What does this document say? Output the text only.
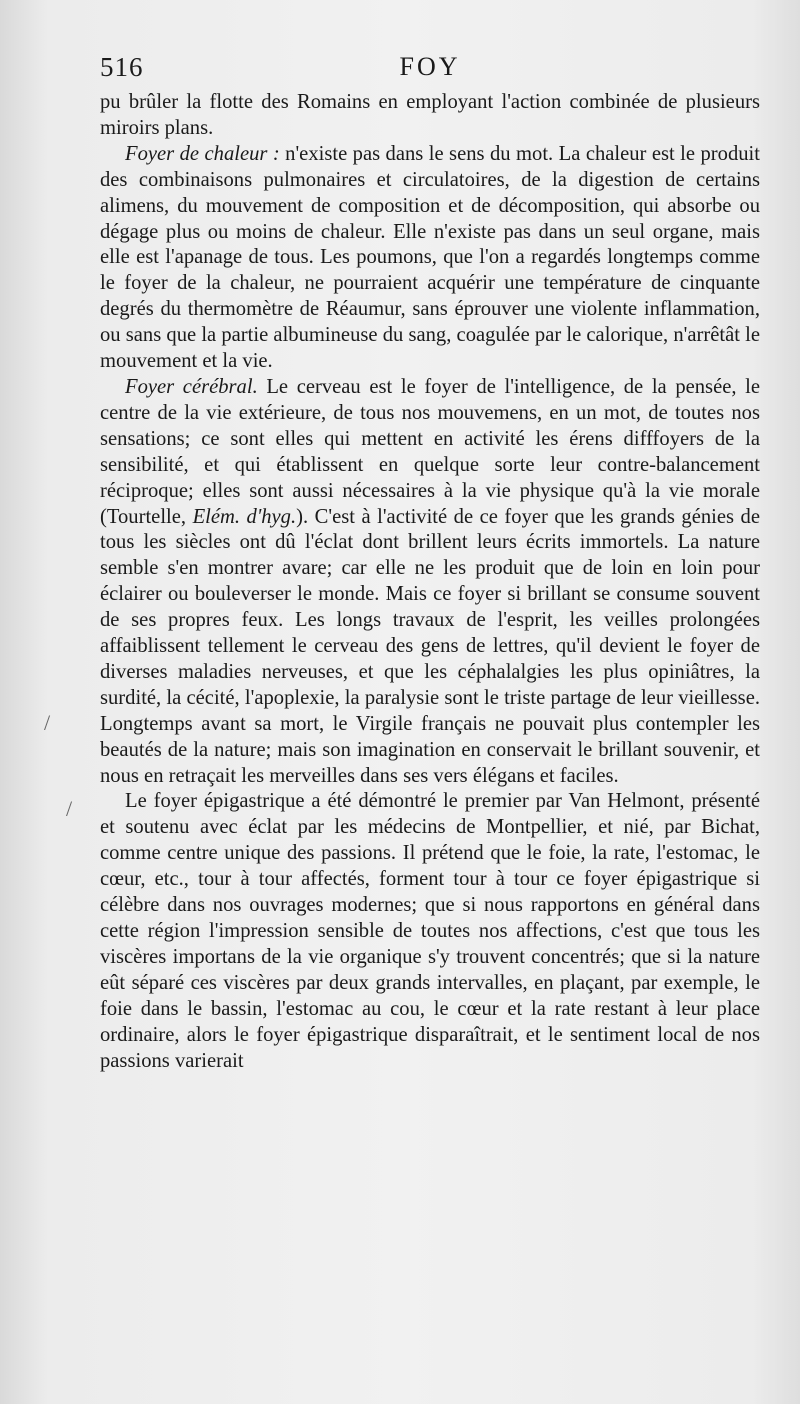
516	FOY

pu brûler la flotte des Romains en employant l'action combinée de plusieurs miroirs plans.

Foyer de chaleur : n'existe pas dans le sens du mot. La chaleur est le produit des combinaisons pulmonaires et circulatoires, de la digestion de certains alimens, du mouvement de composition et de décomposition, qui absorbe ou dégage plus ou moins de chaleur. Elle n'existe pas dans un seul organe, mais elle est l'apanage de tous. Les poumons, que l'on a regardés longtemps comme le foyer de la chaleur, ne pourraient acquérir une température de cinquante degrés du thermomètre de Réaumur, sans éprouver une violente inflammation, ou sans que la partie albumineuse du sang, coagulée par le calorique, n'arrêtât le mouvement et la vie.

Foyer cérébral. Le cerveau est le foyer de l'intelligence, de la pensée, le centre de la vie extérieure, de tous nos mouvemens, en un mot, de toutes nos sensations; ce sont elles qui mettent en activité les érens difffoyers de la sensibilité, et qui établissent en quelque sorte leur contre-balancement réciproque; elles sont aussi nécessaires à la vie physique qu'à la vie morale (Tourtelle, Elém. d'hyg.). C'est à l'activité de ce foyer que les grands génies de tous les siècles ont dû l'éclat dont brillent leurs écrits immortels. La nature semble s'en montrer avare; car elle ne les produit que de loin en loin pour éclairer ou bouleverser le monde. Mais ce foyer si brillant se consume souvent de ses propres feux. Les longs travaux de l'esprit, les veilles prolongées affaiblissent tellement le cerveau des gens de lettres, qu'il devient le foyer de diverses maladies nerveuses, et que les céphalalgies les plus opiniâtres, la surdité, la cécité, l'apoplexie, la paralysie sont le triste partage de leur vieillesse. Longtemps avant sa mort, le Virgile français ne pouvait plus contempler les beautés de la nature; mais son imagination en conservait le brillant souvenir, et nous en retraçait les merveilles dans ses vers élégans et faciles.

Le foyer épigastrique a été démontré le premier par Van Helmont, présenté et soutenu avec éclat par les médecins de Montpellier, et nié, par Bichat, comme centre unique des passions. Il prétend que le foie, la rate, l'estomac, le cœur, etc., tour à tour affectés, forment tour à tour ce foyer épigastrique si célèbre dans nos ouvrages modernes; que si nous rapportons en général dans cette région l'impression sensible de toutes nos affections, c'est que tous les viscères importans de la vie organique s'y trouvent concentrés; que si la nature eût séparé ces viscères par deux grands intervalles, en plaçant, par exemple, le foie dans le bassin, l'estomac au cou, le cœur et la rate restant à leur place ordinaire, alors le foyer épigastrique disparaîtrait, et le sentiment local de nos passions varierait

/
/
